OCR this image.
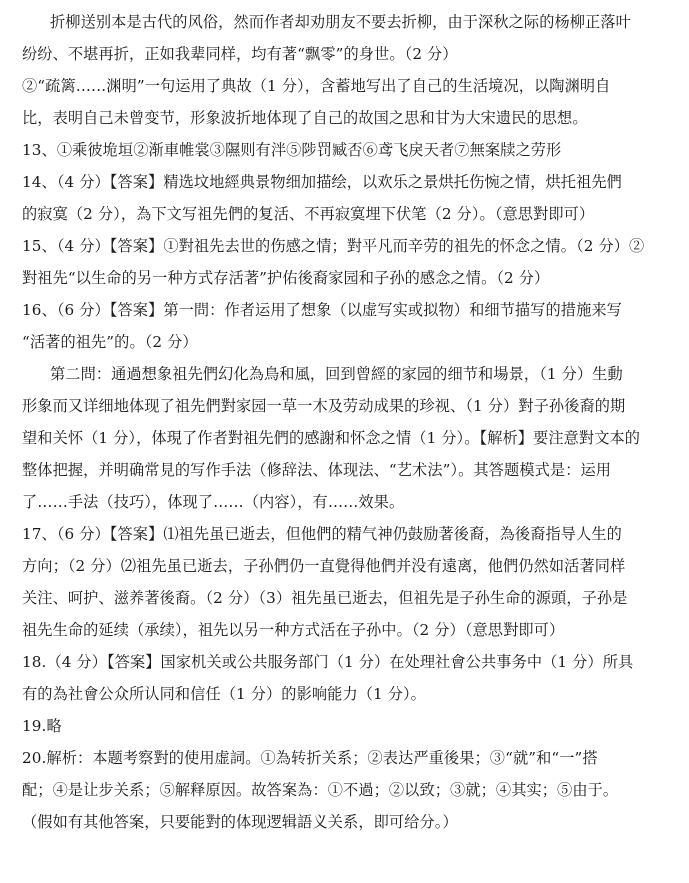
折柳送别本是古代的风俗，然而作者却劝朋友不要去折柳，由于深秋之际的杨柳正落叶
纷纷、不堪再折，正如我辈同样，均有著“飘零”的身世。（2 分）
②“疏篱……渊明”一句运用了典故（1 分），含蓄地写出了自己的生活境况，以陶渊明自
比，表明自己未曾变节，形象波折地体现了自己的故国之思和甘为大宋遗民的思想。
13、①乘彼垝垣②渐車帷裳③隰则有泮⑤陟罚臧否⑥鸢飞戾天者⑦無案牍之劳形
14、（4 分）【答案】精选坟地經典景物细加描绘，以欢乐之景烘托伤惋之情，烘托祖先們
的寂寞（2 分），為下文写祖先們的复活、不再寂寞埋下伏笔（2 分）。（意思對即可）
15、（4 分）【答案】①對祖先去世的伤感之情；對平凡而辛劳的祖先的怀念之情。（2 分）②
對祖先“以生命的另一种方式存活著”护佑後裔家园和子孙的感念之情。（2 分）
16、（6 分）【答案】第一問：作者运用了想象（以虚写实或拟物）和细节描写的措施来写
“活著的祖先”的。（2 分）
第二問：通過想象祖先們幻化為鳥和風，回到曾經的家园的细节和場景，（1 分）生動
形象而又详细地体现了祖先們對家园一草一木及劳动成果的珍视、（1 分）對子孙後裔的期
望和关怀（1 分），体現了作者對祖先們的感謝和怀念之情（1 分）。【解析】要注意對文本的
整体把握，并明确常見的写作手法（修辞法、体现法、“艺术法”）。其答题模式是：运用
了……手法（技巧），体现了……（内容），有……效果。
17、（6 分）【答案】⑴祖先虽已逝去，但他們的精气神仍鼓励著後裔，為後裔指导人生的
方向；（2 分）⑵祖先虽已逝去，子孙們仍一直覺得他們并没有遠离，他們仍然如活著同样
关注、呵护、滋养著後裔。（2 分）（3）祖先虽已逝去，但祖先是子孙生命的源頭，子孙是
祖先生命的延续（承续），祖先以另一种方式活在子孙中。（2 分）（意思對即可）
18.（4 分）【答案】国家机关或公共服务部门（1 分）在处理社會公共事务中（1 分）所具
有的為社會公众所认同和信任（1 分）的影响能力（1 分）。
19.略
20.解析：本题考察對的使用虚詞。①為转折关系；②表达严重後果；③“就”和“一”搭
配；④是让步关系；⑤解释原因。故答案為：①不過；②以致；③就；④其实；⑤由于。
（假如有其他答案，只要能對的体现逻辑語义关系，即可给分。）
